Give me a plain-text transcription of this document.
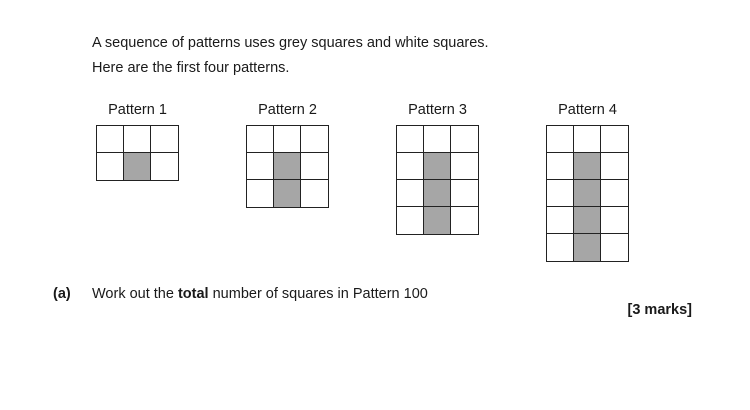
A sequence of patterns uses grey squares and white squares.
Here are the first four patterns.
Pattern 1	Pattern 2	Pattern 3	Pattern 4
(a) Work out the total number of squares in Pattern 100
[3 marks]
